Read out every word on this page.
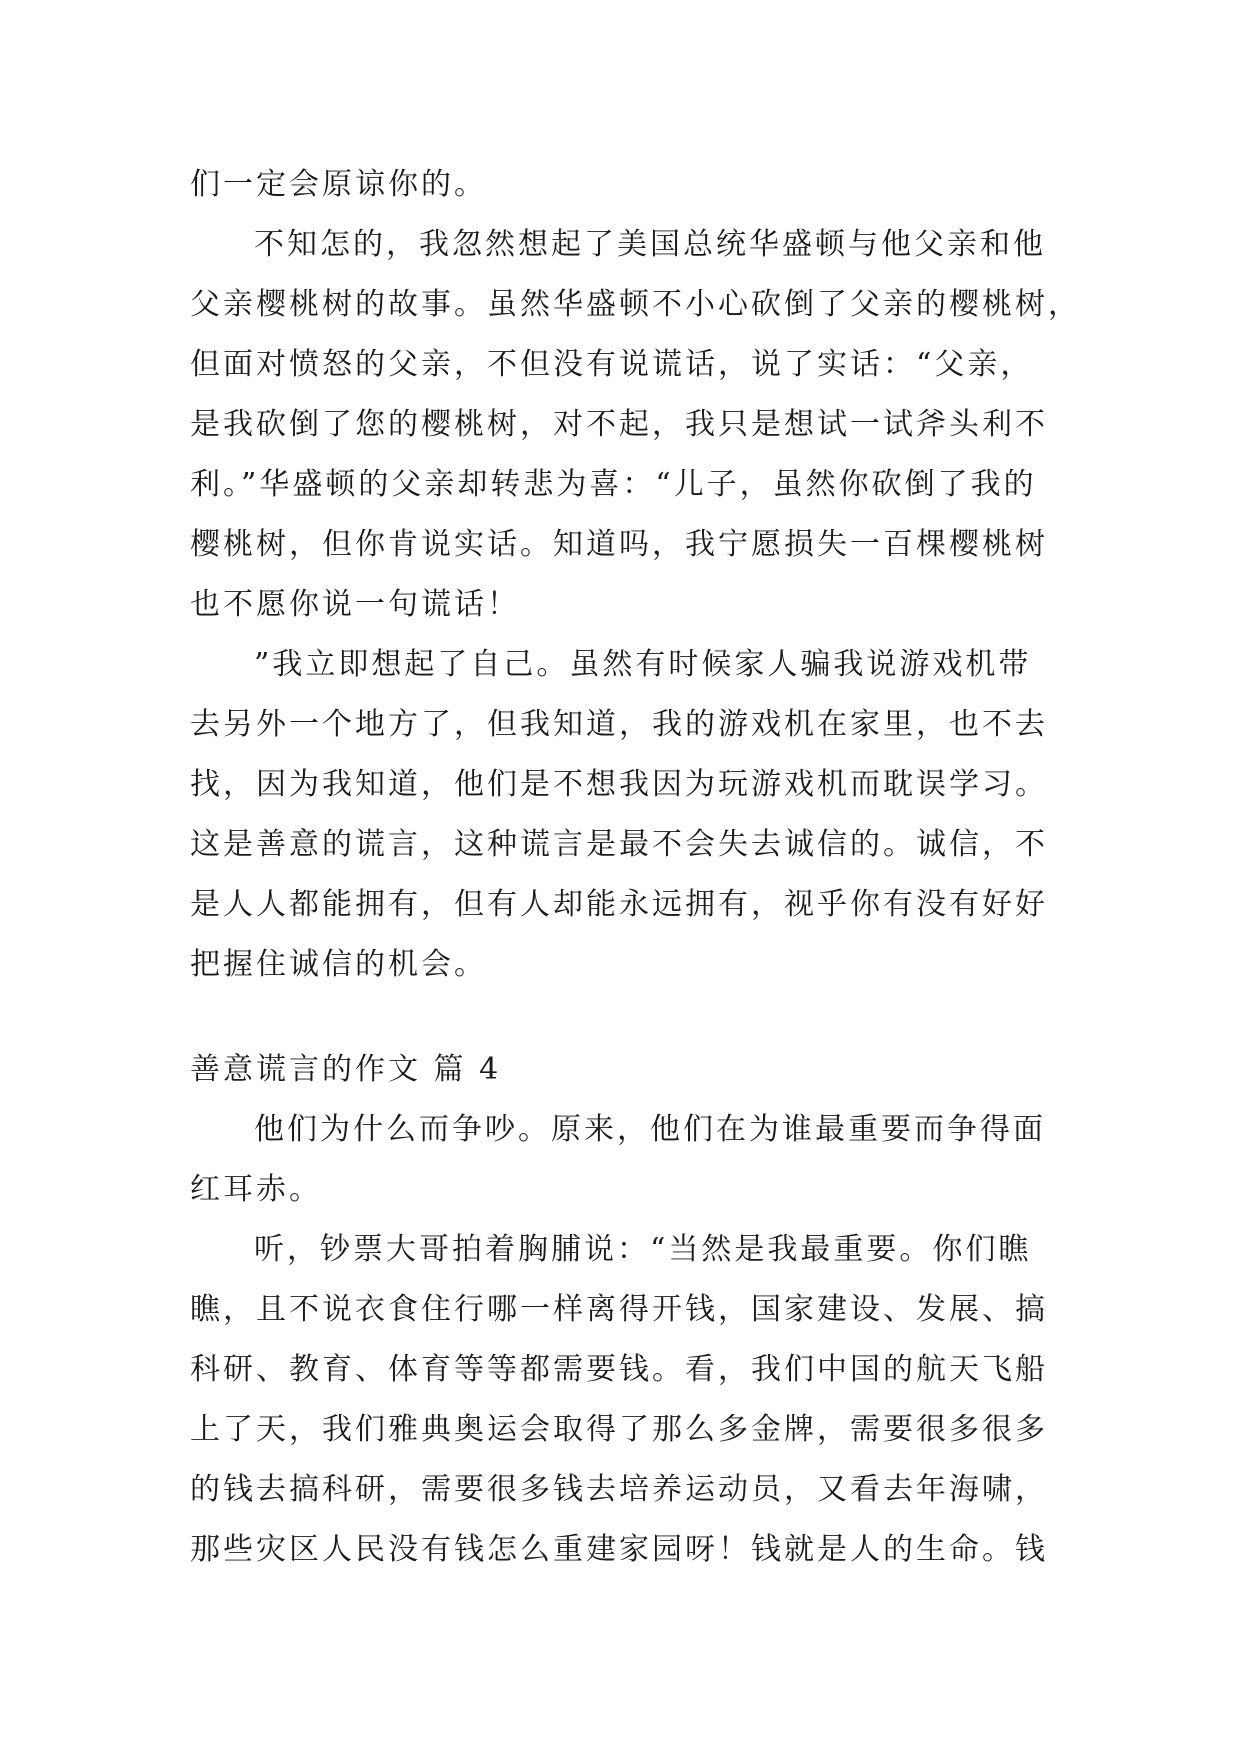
们一定会原谅你的。
不知怎的，我忽然想起了美国总统华盛顿与他父亲和他
父亲樱桃树的故事。虽然华盛顿不小心砍倒了父亲的樱桃树，
但面对愤怒的父亲，不但没有说谎话，说了实话：“父亲，
是我砍倒了您的樱桃树，对不起，我只是想试一试斧头利不
利。”华盛顿的父亲却转悲为喜：“儿子，虽然你砍倒了我的
樱桃树，但你肯说实话。知道吗，我宁愿损失一百棵樱桃树
也不愿你说一句谎话！
”我立即想起了自己。虽然有时候家人骗我说游戏机带
去另外一个地方了，但我知道，我的游戏机在家里，也不去
找，因为我知道，他们是不想我因为玩游戏机而耽误学习。
这是善意的谎言，这种谎言是最不会失去诚信的。诚信，不
是人人都能拥有，但有人却能永远拥有，视乎你有没有好好
把握住诚信的机会。
善意谎言的作文 篇 4
他们为什么而争吵。原来，他们在为谁最重要而争得面
红耳赤。
听，钞票大哥拍着胸脯说：“当然是我最重要。你们瞧
瞧，且不说衣食住行哪一样离得开钱，国家建设、发展、搞
科研、教育、体育等等都需要钱。看，我们中国的航天飞船
上了天，我们雅典奥运会取得了那么多金牌，需要很多很多
的钱去搞科研，需要很多钱去培养运动员，又看去年海啸，
那些灾区人民没有钱怎么重建家园呀！钱就是人的生命。钱
